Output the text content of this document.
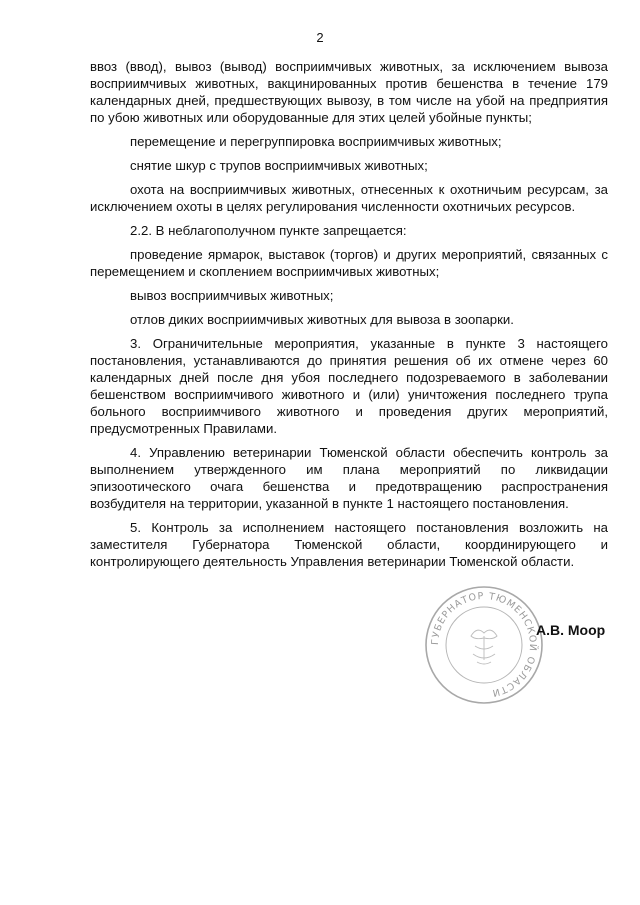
2

ввоз (ввод), вывоз (вывод) восприимчивых животных, за исключением вывоза восприимчивых животных, вакцинированных против бешенства в течение 179 календарных дней, предшествующих вывозу, в том числе на убой на предприятия по убою животных или оборудованные для этих целей убойные пункты;

перемещение и перегруппировка восприимчивых животных;

снятие шкур с трупов восприимчивых животных;

охота на восприимчивых животных, отнесенных к охотничьим ресурсам, за исключением охоты в целях регулирования численности охотничьих ресурсов.

2.2. В неблагополучном пункте запрещается:

проведение ярмарок, выставок (торгов) и других мероприятий, связанных с перемещением и скоплением восприимчивых животных;

вывоз восприимчивых животных;

отлов диких восприимчивых животных для вывоза в зоопарки.

3. Ограничительные мероприятия, указанные в пункте 3 настоящего постановления, устанавливаются до принятия решения об их отмене через 60 календарных дней после дня убоя последнего подозреваемого в заболевании бешенством восприимчивого животного и (или) уничтожения последнего трупа больного восприимчивого животного и проведения других мероприятий, предусмотренных Правилами.

4. Управлению ветеринарии Тюменской области обеспечить контроль за выполнением утвержденного им плана мероприятий по ликвидации эпизоотического очага бешенства и предотвращению распространения возбудителя на территории, указанной в пункте 1 настоящего постановления.

5. Контроль за исполнением настоящего постановления возложить на заместителя Губернатора Тюменской области, координирующего и контролирующего деятельность Управления ветеринарии Тюменской области.

ГУБЕРНАТОР ТЮМЕНСКОЙ ОБЛАСТИ
А.В. Моор
